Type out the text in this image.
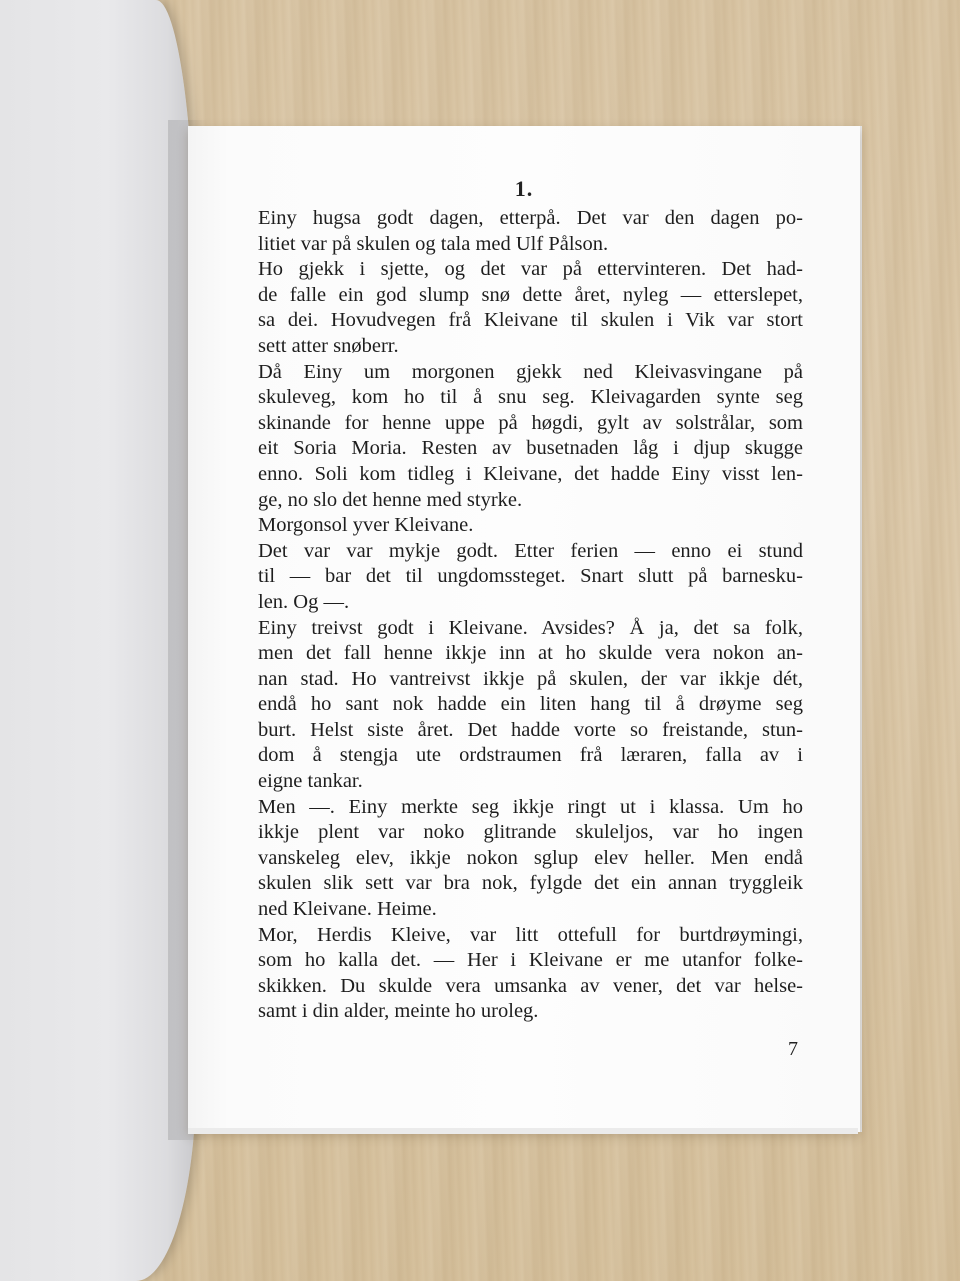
1.

Einy hugsa godt dagen, etterpå. Det var den dagen po-
litiet var på skulen og tala med Ulf Pålson.

Ho gjekk i sjette, og det var på ettervinteren. Det had-
de falle ein god slump snø dette året, nyleg — etterslepet,
sa dei. Hovudvegen frå Kleivane til skulen i Vik var stort
sett atter snøberr.

Då Einy um morgonen gjekk ned Kleivasvingane på
skuleveg, kom ho til å snu seg. Kleivagarden synte seg
skinande for henne uppe på høgdi, gylt av solstrålar, som
eit Soria Moria. Resten av busetnaden låg i djup skugge
enno. Soli kom tidleg i Kleivane, det hadde Einy visst len-
ge, no slo det henne med styrke.

Morgonsol yver Kleivane.

Det var var mykje godt. Etter ferien — enno ei stund
til — bar det til ungdomssteget. Snart slutt på barnesku-
len. Og —.

Einy treivst godt i Kleivane. Avsides? Å ja, det sa folk,
men det fall henne ikkje inn at ho skulde vera nokon an-
nan stad. Ho vantreivst ikkje på skulen, der var ikkje dét,
endå ho sant nok hadde ein liten hang til å drøyme seg
burt. Helst siste året. Det hadde vorte so freistande, stun-
dom å stengja ute ordstraumen frå læraren, falla av i
eigne tankar.

Men —. Einy merkte seg ikkje ringt ut i klassa. Um ho
ikkje plent var noko glitrande skuleljos, var ho ingen
vanskeleg elev, ikkje nokon sglup elev heller. Men endå
skulen slik sett var bra nok, fylgde det ein annan tryggleik
ned Kleivane. Heime.

Mor, Herdis Kleive, var litt ottefull for burtdrøymingi,
som ho kalla det. — Her i Kleivane er me utanfor folke-
skikken. Du skulde vera umsanka av vener, det var helse-
samt i din alder, meinte ho uroleg.

7
